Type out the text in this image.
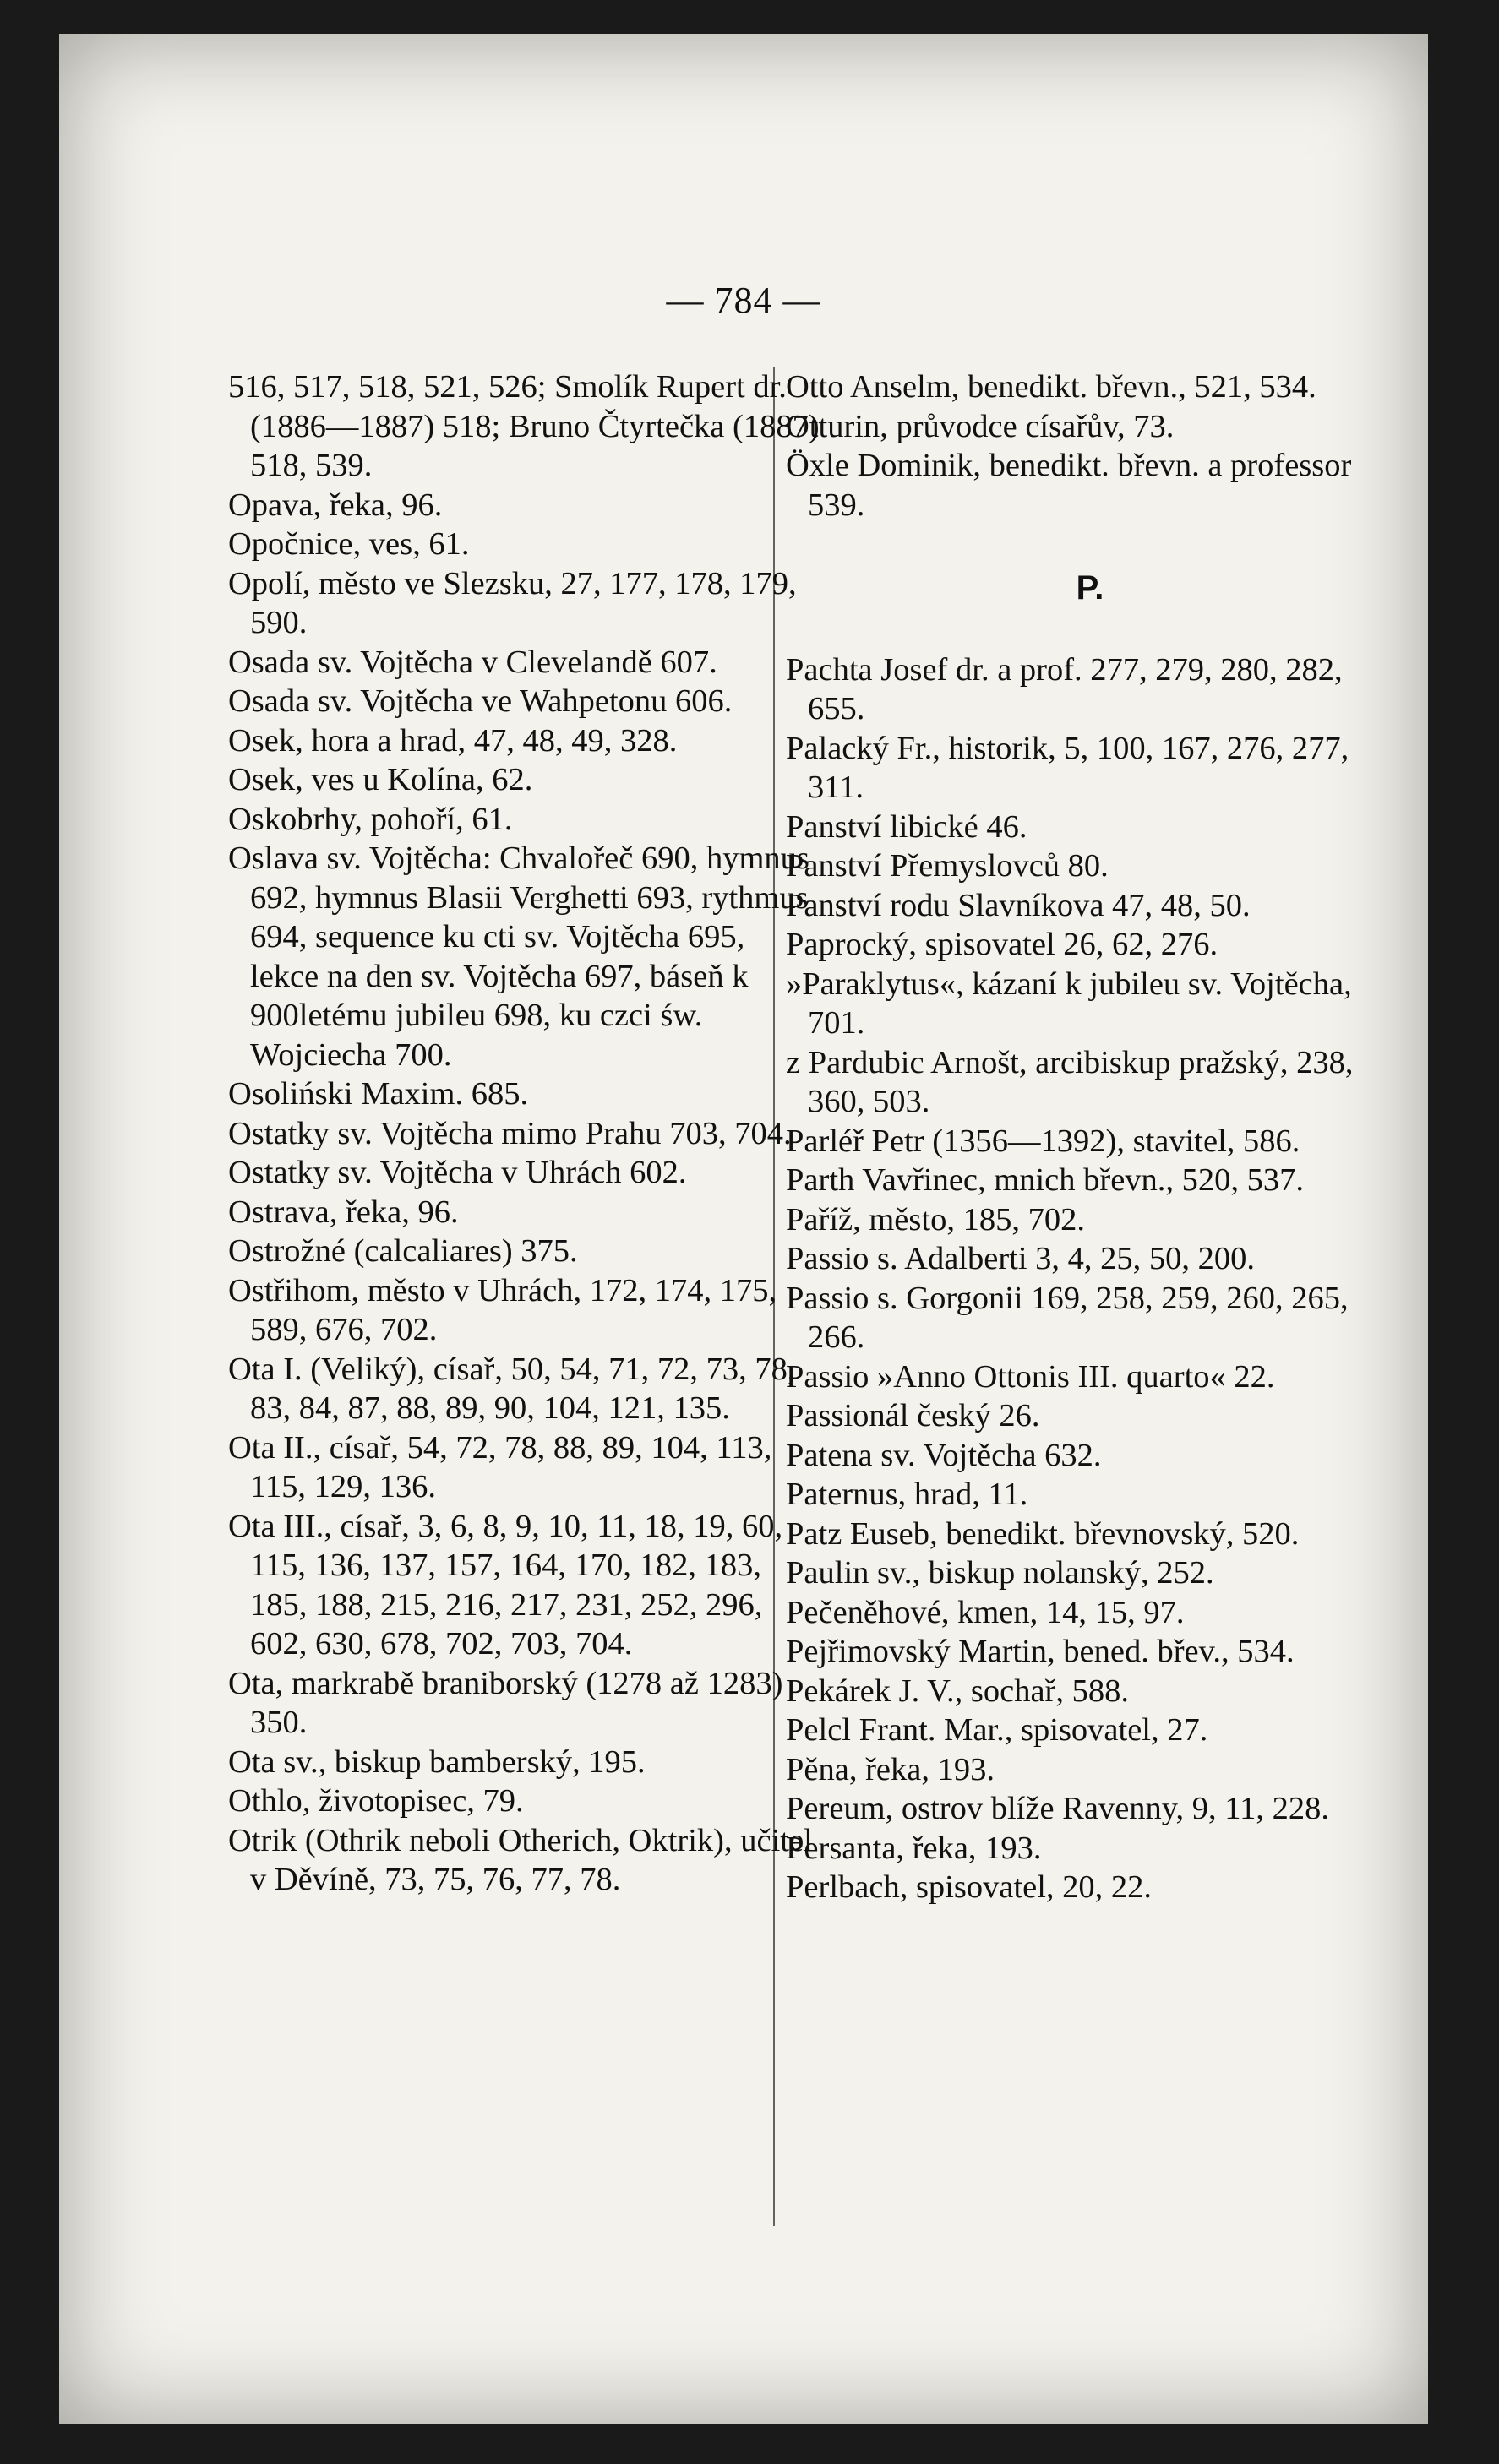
— 784 —

516, 517, 518, 521, 526; Smolík Rupert dr. (1886—1887) 518; Bruno Čtyrtečka (1887) 518, 539.

Opava, řeka, 96.

Opočnice, ves, 61.

Opolí, město ve Slezsku, 27, 177, 178, 179, 590.

Osada sv. Vojtěcha v Clevelandě 607.

Osada sv. Vojtěcha ve Wahpetonu 606.

Osek, hora a hrad, 47, 48, 49, 328.

Osek, ves u Kolína, 62.

Oskobrhy, pohoří, 61.

Oslava sv. Vojtěcha: Chvalořeč 690, hymnus 692, hymnus Blasii Verghetti 693, rythmus 694, sequence ku cti sv. Vojtěcha 695, lekce na den sv. Vojtěcha 697, báseň k 900letému jubileu 698, ku czci św. Wojciecha 700.

Osoliński Maxim. 685.

Ostatky sv. Vojtěcha mimo Prahu 703, 704.

Ostatky sv. Vojtěcha v Uhrách 602.

Ostrava, řeka, 96.

Ostrožné (calcaliares) 375.

Ostřihom, město v Uhrách, 172, 174, 175, 589, 676, 702.

Ota I. (Veliký), císař, 50, 54, 71, 72, 73, 78, 83, 84, 87, 88, 89, 90, 104, 121, 135.

Ota II., císař, 54, 72, 78, 88, 89, 104, 113, 115, 129, 136.

Ota III., císař, 3, 6, 8, 9, 10, 11, 18, 19, 60, 115, 136, 137, 157, 164, 170, 182, 183, 185, 188, 215, 216, 217, 231, 252, 296, 602, 630, 678, 702, 703, 704.

Ota, markrabě braniborský (1278 až 1283) 350.

Ota sv., biskup bamberský, 195.

Othlo, životopisec, 79.

Otrik (Othrik neboli Otherich, Oktrik), učitel v Děvíně, 73, 75, 76, 77, 78.

Otto Anselm, benedikt. břevn., 521, 534.

Otturin, průvodce císařův, 73.

Öxle Dominik, benedikt. břevn. a professor 539.

P.

Pachta Josef dr. a prof. 277, 279, 280, 282, 655.

Palacký Fr., historik, 5, 100, 167, 276, 277, 311.

Panství libické 46.

Panství Přemyslovců 80.

Panství rodu Slavníkova 47, 48, 50.

Paprocký, spisovatel 26, 62, 276.

»Paraklytus«, kázaní k jubileu sv. Vojtěcha, 701.

z Pardubic Arnošt, arcibiskup pražský, 238, 360, 503.

Parléř Petr (1356—1392), stavitel, 586.

Parth Vavřinec, mnich břevn., 520, 537.

Paříž, město, 185, 702.

Passio s. Adalberti 3, 4, 25, 50, 200.

Passio s. Gorgonii 169, 258, 259, 260, 265, 266.

Passio »Anno Ottonis III. quarto« 22.

Passionál český 26.

Patena sv. Vojtěcha 632.

Paternus, hrad, 11.

Patz Euseb, benedikt. břevnovský, 520.

Paulin sv., biskup nolanský, 252.

Pečeněhové, kmen, 14, 15, 97.

Pejřimovský Martin, bened. břev., 534.

Pekárek J. V., sochař, 588.

Pelcl Frant. Mar., spisovatel, 27.

Pěna, řeka, 193.

Pereum, ostrov blíže Ravenny, 9, 11, 228.

Persanta, řeka, 193.

Perlbach, spisovatel, 20, 22.
